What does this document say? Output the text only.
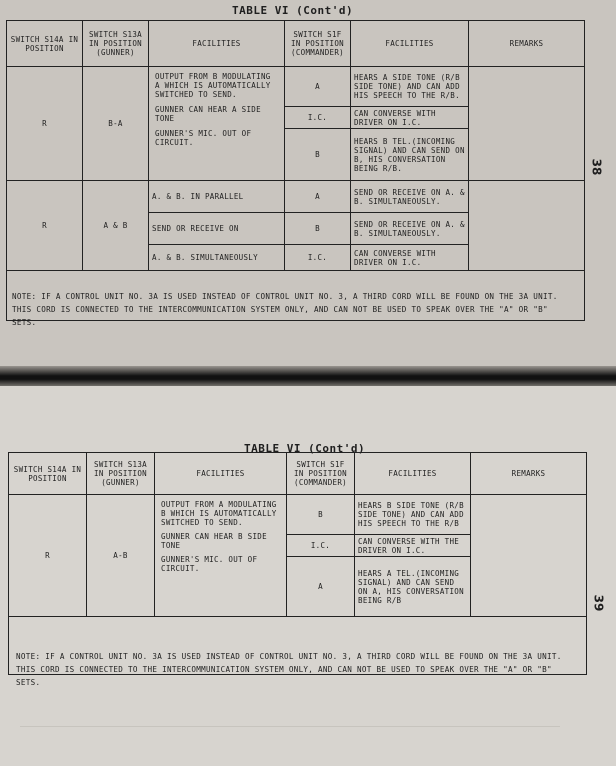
TABLE VI (Cont'd)
SWITCH S14A IN POSITION	SWITCH S13A IN POSITION (GUNNER)	FACILITIES	SWITCH S1F IN POSITION (COMMANDER)	FACILITIES	REMARKS
R	B-A	OUTPUT FROM B MODULATING A WHICH IS AUTOMATICALLY SWITCHED TO SEND.
GUNNER CAN HEAR A SIDE TONE
GUNNER'S MIC. OUT OF CIRCUIT.	A	HEARS A SIDE TONE (R/B SIDE TONE) AND CAN ADD HIS SPEECH TO THE R/B.	
			I.C.	CAN CONVERSE WITH DRIVER ON I.C.	
			B	HEARS B TEL.(INCOMING SIGNAL) AND CAN SEND ON B, HIS CONVERSATION BEING R/B.	
R	A & B	A. & B. IN PARALLEL	A	SEND OR RECEIVE ON A. & B. SIMULTANEOUSLY.	
		SEND OR RECEIVE ON	B	SEND OR RECEIVE ON A. & B. SIMULTANEOUSLY.	
		A. & B. SIMULTANEOUSLY	I.C.	CAN CONVERSE WITH DRIVER ON I.C.	

NOTE: IF A CONTROL UNIT NO. 3A IS USED INSTEAD OF CONTROL UNIT NO. 3, A THIRD CORD WILL BE FOUND ON THE 3A UNIT. THIS CORD IS CONNECTED TO THE INTERCOMMUNICATION SYSTEM ONLY, AND CAN NOT BE USED TO SPEAK OVER THE "A" OR "B" SETS.
38
TABLE VI (Cont'd)
SWITCH S14A IN POSITION	SWITCH S13A IN POSITION (GUNNER)	FACILITIES	SWITCH S1F IN POSITION (COMMANDER)	FACILITIES	REMARKS
R	A-B	OUTPUT FROM A MODULATING B WHICH IS AUTOMATICALLY SWITCHED TO SEND.
GUNNER CAN HEAR B SIDE TONE
GUNNER'S MIC. OUT OF CIRCUIT.	B	HEARS B SIDE TONE (R/B SIDE TONE) AND CAN ADD HIS SPEECH TO THE R/B	
			I.C.	CAN CONVERSE WITH THE DRIVER ON I.C.	
			A	HEARS A TEL.(INCOMING SIGNAL) AND CAN SEND ON A, HIS CONVERSATION BEING R/B	

NOTE: IF A CONTROL UNIT NO. 3A IS USED INSTEAD OF CONTROL UNIT NO. 3, A THIRD CORD WILL BE FOUND ON THE 3A UNIT. THIS CORD IS CONNECTED TO THE INTERCOMMUNICATION SYSTEM ONLY, AND CAN NOT BE USED TO SPEAK OVER THE "A" OR "B" SETS.
39
